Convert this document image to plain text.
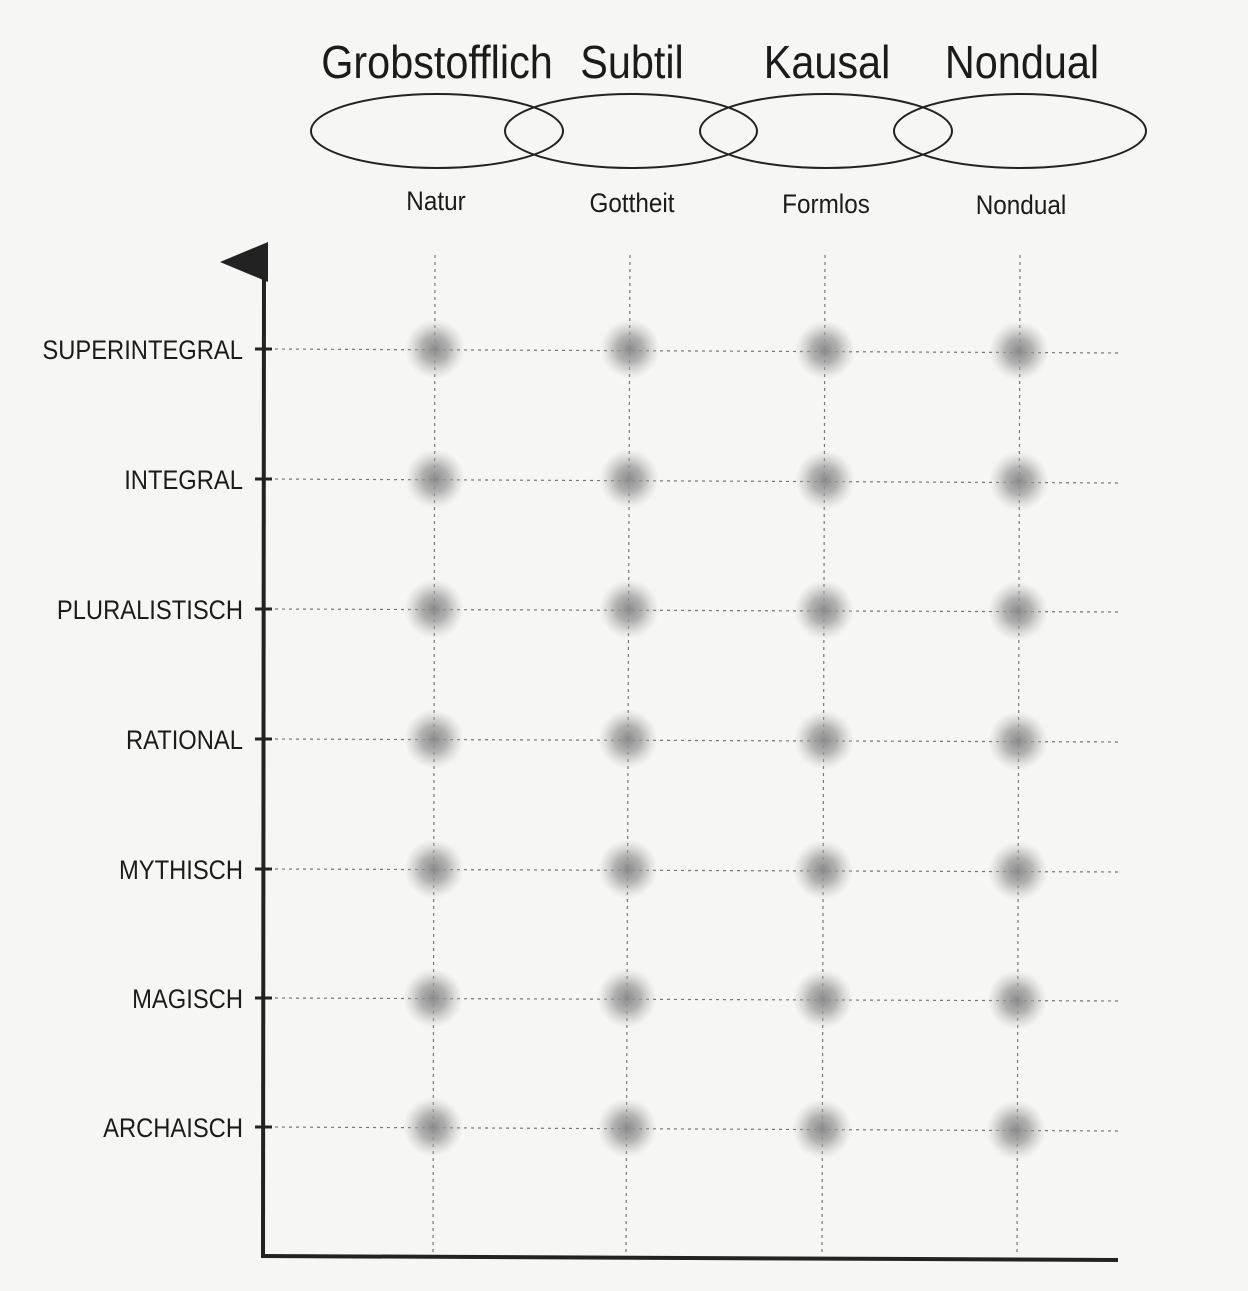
Grobstofflich Subtil Kausal Nondual
Natur	Gottheit	Formlos	Nondual
SUPERINTEGRAL
INTEGRAL
PLURALISTISCH
RATIONAL
MYTHISCH
MAGISCH
ARCHAISCH
